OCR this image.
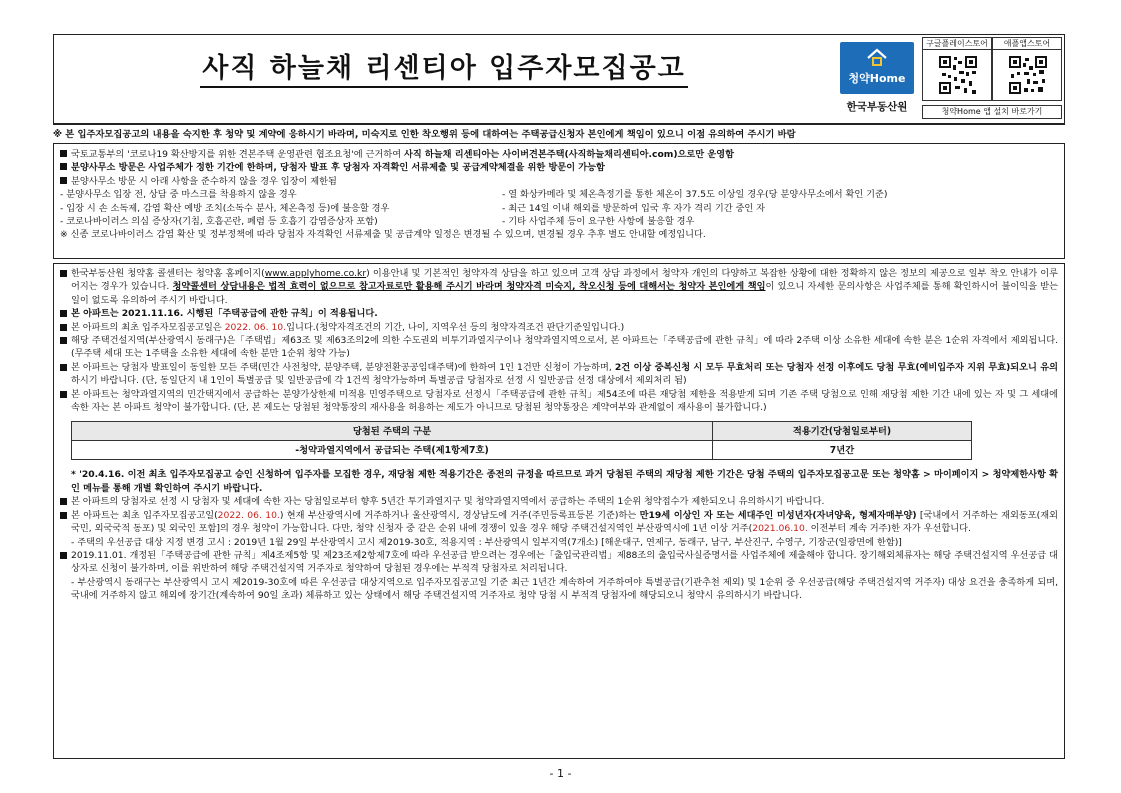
사직 하늘채 리센티아 입주자모집공고	청약Home
한국부동산원
구글플레이스토어	애플앱스토어
청약Home 앱 설치 바로가기
※ 본 입주자모집공고의 내용을 숙지한 후 청약 및 계약에 응하시기 바라며, 미숙지로 인한 착오행위 등에 대하여는 주택공급신청자 본인에게 책임이 있으니 이점 유의하여 주시기 바람
국토교통부의 '코로나19 확산방지를 위한 견본주택 운영관련 협조요청'에 근거하여 사직 하늘채 리센티아는 사이버견본주택(사직하늘채리센티아.com)으로만 운영함
분양사무소 방문은 사업주체가 정한 기간에 한하며, 당첨자 발표 후 당첨자 자격확인 서류제출 및 공급계약체결을 위한 방문이 가능함
분양사무소 방문 시 아래 사항을 준수하지 않을 경우 입장이 제한됨
- 분양사무소 입장 전, 상담 중 마스크를 착용하지 않을 경우	- 열 화상카메라 및 체온측정기를 통한 체온이 37.5도 이상일 경우(당 분양사무소에서 확인 기준)
- 입장 시 손 소독제, 감염 확산 예방 조치(소독수 분사, 체온측정 등)에 불응할 경우	- 최근 14일 이내 해외를 방문하여 입국 후 자가 격리 기간 중인 자
- 코로나바이러스 의심 증상자(기침, 호흡곤란, 폐렴 등 호흡기 감염증상자 포함)	- 기타 사업주체 등이 요구한 사항에 불응할 경우
※ 신종 코로나바이러스 감염 확산 및 정부정책에 따라 당첨자 자격확인 서류제출 및 공급계약 일정은 변경될 수 있으며, 변경될 경우 추후 별도 안내할 예정입니다.
한국부동산원 청약홈 콜센터는 청약홈 홈페이지(www.applyhome.co.kr) 이용안내 및 기본적인 청약자격 상담을 하고 있으며 고객 상담 과정에서 청약자 개인의 다양하고 복잡한 상황에 대한 정확하지 않은 정보의 제공으로 일부 착오 안내가 이루어지는 경우가 있습니다. 청약콜센터 상담내용은 법적 효력이 없으므로 참고자료로만 활용해 주시기 바라며 청약자격 미숙지, 착오신청 등에 대해서는 청약자 본인에게 책임이 있으니 자세한 문의사항은 사업주체를 통해 확인하시어 불이익을 받는 일이 없도록 유의하여 주시기 바랍니다.
본 아파트는 2021.11.16. 시행된「주택공급에 관한 규칙」이 적용됩니다.
본 아파트의 최초 입주자모집공고일은 2022. 06. 10.입니다.(청약자격조건의 기간, 나이, 지역우선 등의 청약자격조건 판단기준일입니다.)
해당 주택건설지역(부산광역시 동래구)은「주택법」제63조 및 제63조의2에 의한 수도권외 비투기과열지구이나 청약과열지역으로서, 본 아파트는「주택공급에 관한 규칙」에 따라 2주택 이상 소유한 세대에 속한 분은 1순위 자격에서 제외됩니다.(무주택 세대 또는 1주택을 소유한 세대에 속한 분만 1순위 청약 가능)
본 아파트는 당첨자 발표일이 동일한 모든 주택(민간 사전청약, 분양주택, 분양전환공공임대주택)에 한하여 1인 1건만 신청이 가능하며, 2건 이상 중복신청 시 모두 무효처리 또는 당첨자 선정 이후에도 당첨 무효(예비입주자 지위 무효)되오니 유의하시기 바랍니다. (단, 동일단지 내 1인이 특별공급 및 일반공급에 각 1건씩 청약가능하며 특별공급 당첨자로 선정 시 일반공급 선정 대상에서 제외처리 됨)
본 아파트는 청약과열지역의 민간택지에서 공급하는 분양가상한제 미적용 민영주택으로 당첨자로 선정시「주택공급에 관한 규칙」제54조에 따른 재당첨 제한을 적용받게 되며 기존 주택 당첨으로 인해 재당첨 제한 기간 내에 있는 자 및 그 세대에 속한 자는 본 아파트 청약이 불가합니다. (단, 본 제도는 당첨된 청약통장의 재사용을 허용하는 제도가 아니므로 당첨된 청약통장은 계약여부와 관계없이 재사용이 불가합니다.)
당첨된 주택의 구분	적용기간(당첨일로부터)
-청약과열지역에서 공급되는 주택(제1항제7호)	7년간
* '20.4.16. 이전 최초 입주자모집공고 승인 신청하여 입주자를 모집한 경우, 재당첨 제한 적용기간은 종전의 규정을 따르므로 과거 당첨된 주택의 재당첨 제한 기간은 당첨 주택의 입주자모집공고문 또는 청약홈 > 마이페이지 > 청약제한사항 확인 메뉴를 통해 개별 확인하여 주시기 바랍니다.
본 아파트의 당첨자로 선정 시 당첨자 및 세대에 속한 자는 당첨일로부터 향후 5년간 투기과열지구 및 청약과열지역에서 공급하는 주택의 1순위 청약접수가 제한되오니 유의하시기 바랍니다.
본 아파트는 최초 입주자모집공고일(2022. 06. 10.) 현재 부산광역시에 거주하거나 울산광역시, 경상남도에 거주(주민등록표등본 기준)하는 만19세 이상인 자 또는 세대주인 미성년자(자녀양육, 형제자매부양) [국내에서 거주하는 재외동포(재외국민, 외국국적 동포) 및 외국인 포함]의 경우 청약이 가능합니다. 다만, 청약 신청자 중 같은 순위 내에 경쟁이 있을 경우 해당 주택건설지역인 부산광역시에 1년 이상 거주(2021.06.10. 이전부터 계속 거주)한 자가 우선합니다.
- 주택의 우선공급 대상 지정 변경 고시 : 2019년 1월 29일 부산광역시 고시 제2019-30호, 적용지역 : 부산광역시 일부지역(7개소) [해운대구, 연제구, 동래구, 남구, 부산진구, 수영구, 기장군(일광면에 한함)]
2019.11.01. 개정된「주택공급에 관한 규칙」제4조제5항 및 제23조제2항제7호에 따라 우선공급 받으려는 경우에는「출입국관리법」제88조의 출입국사실증명서를 사업주체에 제출해야 합니다. 장기해외체류자는 해당 주택건설지역 우선공급 대상자로 신청이 불가하며, 이를 위반하여 해당 주택건설지역 거주자로 청약하여 당첨된 경우에는 부적격 당첨자로 처리됩니다.
- 부산광역시 동래구는 부산광역시 고시 제2019-30호에 따른 우선공급 대상지역으로 입주자모집공고일 기준 최근 1년간 계속하여 거주하여야 특별공급(기관추천 제외) 및 1순위 중 우선공급(해당 주택건설지역 거주자) 대상 요건을 충족하게 되며, 국내에 거주하지 않고 해외에 장기간(계속하여 90일 초과) 체류하고 있는 상태에서 해당 주택건설지역 거주자로 청약 당첨 시 부적격 당첨자에 해당되오니 청약시 유의하시기 바랍니다.
- 1 -
